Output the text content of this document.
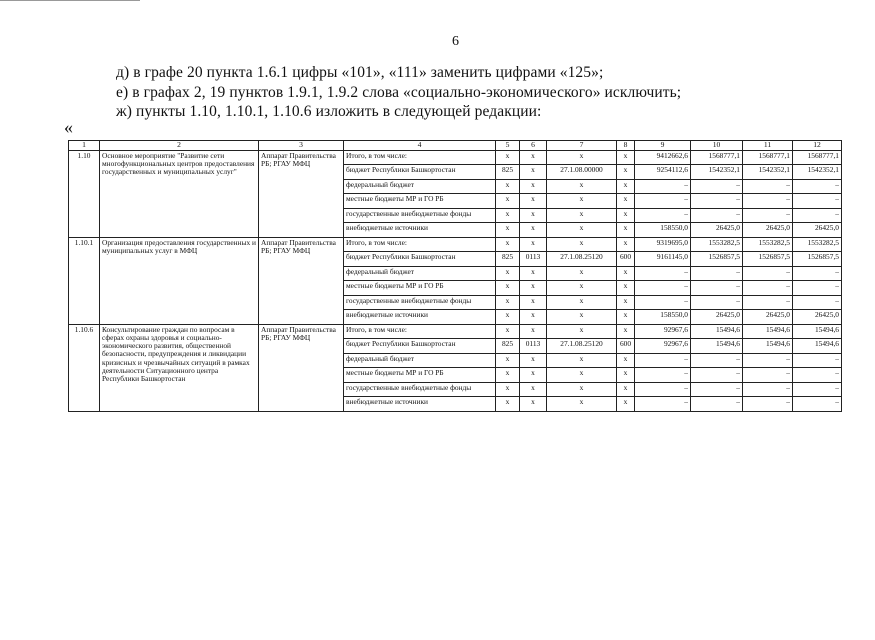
6
д) в графе 20 пункта 1.6.1 цифры «101», «111» заменить цифрами «125»;
е) в графах 2, 19 пунктов 1.9.1, 1.9.2 слова «социально-экономического» исключить;
ж) пункты 1.10, 1.10.1, 1.10.6 изложить в следующей редакции:
«
1	2	3	4	5	6	7	8	9	10	11	12
1.10	Основное мероприятие "Развитие сети многофункциональных центров предоставления государственных и муниципальных услуг"	Аппарат Правительства РБ; РГАУ МФЦ	Итого, в том числе:	x	x	x	x	9412662,6	1568777,1	1568777,1	1568777,1
			бюджет Республики Башкортостан	825	x	27.1.08.00000	x	9254112,6	1542352,1	1542352,1	1542352,1
			федеральный бюджет	x	x	x	x	–	–	–	–
			местные бюджеты МР и ГО РБ	x	x	x	x	–	–	–	–
			государственные внебюджетные фонды	x	x	x	x	–	–	–	–
			внебюджетные источники	x	x	x	x	158550,0	26425,0	26425,0	26425,0
1.10.1	Организация предоставления государственных и муниципальных услуг в МФЦ	Аппарат Правительства РБ; РГАУ МФЦ	Итого, в том числе:	x	x	x	x	9319695,0	1553282,5	1553282,5	1553282,5
			бюджет Республики Башкортостан	825	0113	27.1.08.25120	600	9161145,0	1526857,5	1526857,5	1526857,5
			федеральный бюджет	x	x	x	x	–	–	–	–
			местные бюджеты МР и ГО РБ	x	x	x	x	–	–	–	–
			государственные внебюджетные фонды	x	x	x	x	–	–	–	–
			внебюджетные источники	x	x	x	x	158550,0	26425,0	26425,0	26425,0
1.10.6	Консультирование граждан по вопросам в сферах охраны здоровья и социально-экономического развития, общественной безопасности, предупреждения и ликвидации кризисных и чрезвычайных ситуаций в рамках деятельности Ситуационного центра Республики Башкортостан	Аппарат Правительства РБ; РГАУ МФЦ	Итого, в том числе:	x	x	x	x	92967,6	15494,6	15494,6	15494,6
			бюджет Республики Башкортостан	825	0113	27.1.08.25120	600	92967,6	15494,6	15494,6	15494,6
			федеральный бюджет	x	x	x	x	–	–	–	–
			местные бюджеты МР и ГО РБ	x	x	x	x	–	–	–	–
			государственные внебюджетные фонды	x	x	x	x	–	–	–	–
			внебюджетные источники	x	x	x	x	–	–	–	–
